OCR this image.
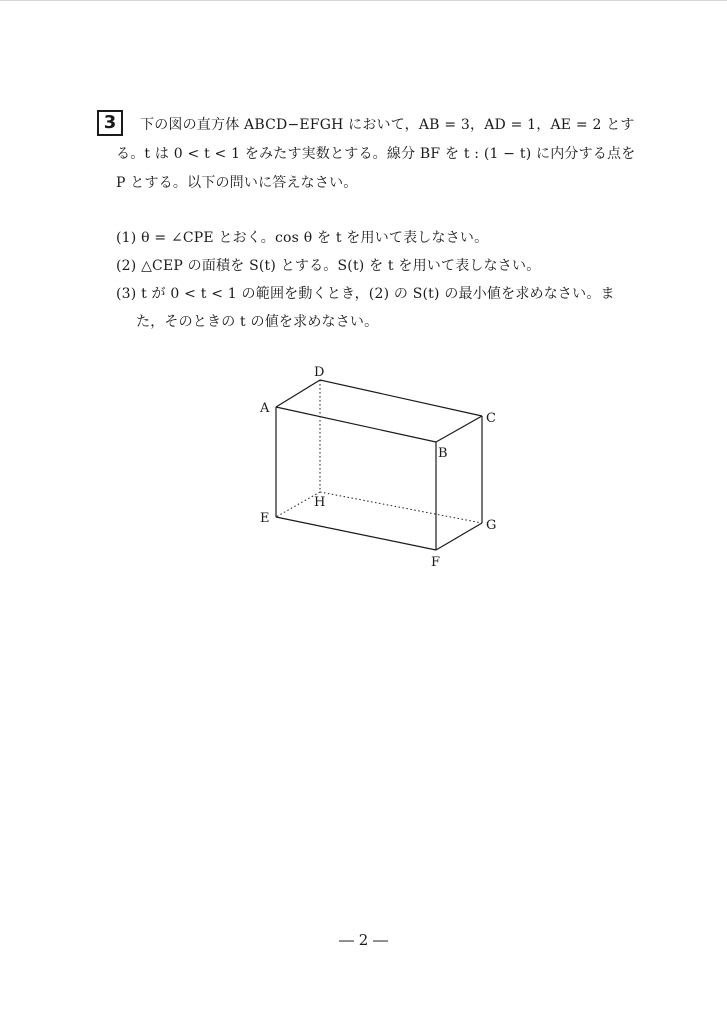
3	下の図の直方体 ABCD−EFGH において，AB = 3，AD = 1，AE = 2 とす
る。t は 0 < t < 1 をみたす実数とする。線分 BF を t : (1 − t) に内分する点を
P とする。以下の問いに答えなさい。
(1) θ = ∠CPE とおく。cos θ を t を用いて表しなさい。
(2) △CEP の面積を S(t) とする。S(t) を t を用いて表しなさい。
(3) t が 0 < t < 1 の範囲を動くとき，(2) の S(t) の最小値を求めなさい。ま
た，そのときの t の値を求めなさい。
D
A
C
B
H
E	G
F
― 2 ―
